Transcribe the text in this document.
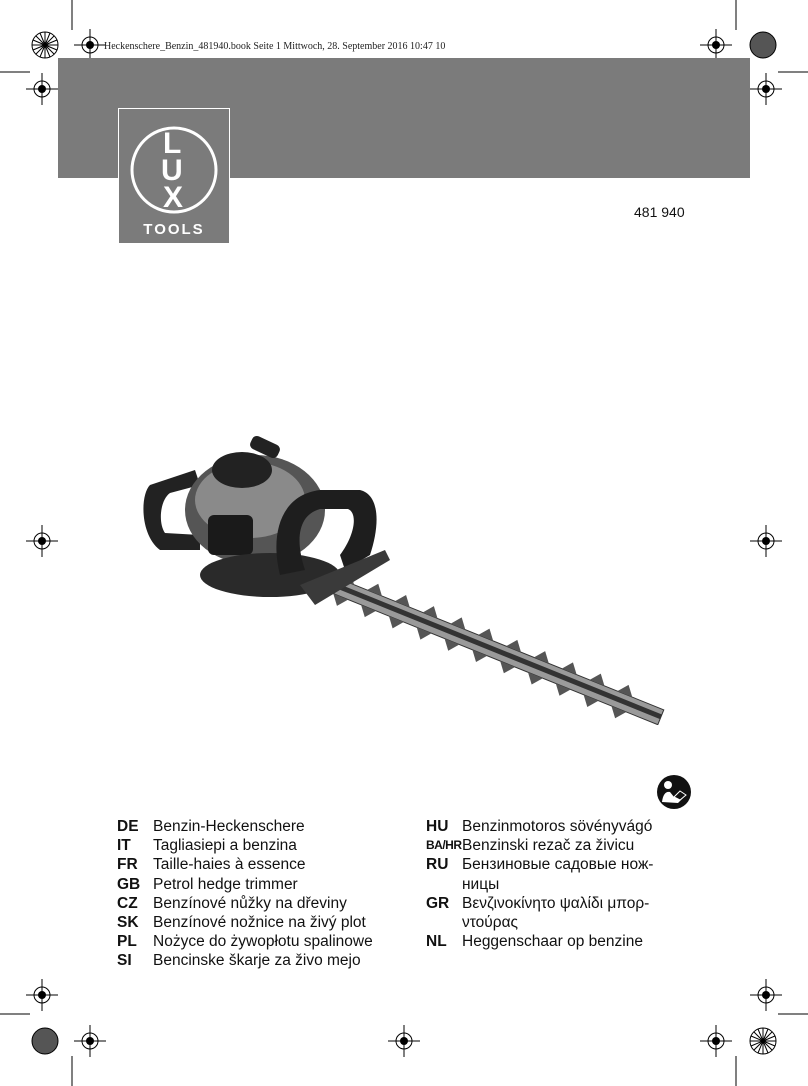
Heckenschere_Benzin_481940.book Seite 1 Mittwoch, 28. September 2016 10:47 10
L
U
X
TOOLS
481 940
DE Benzin-Heckenschere
IT	Tagliasiepi a benzina
FR Taille-haies à essence
GB Petrol hedge trimmer
CZ Benzínové nůžky na dřeviny
SK Benzínové nožnice na živý plot
PL	Nożyce do żywopłotu spalinowe
SI	Bencinske škarje za živo mejo
HU Benzinmotoros sövényvágó
BA/HR Benzinski rezač za živicu
RU Бензиновые садовые нож-
ницы
GR Βενζινοκίνητο ψαλίδι μπορ-
ντούρας
NL Heggenschaar op benzine
